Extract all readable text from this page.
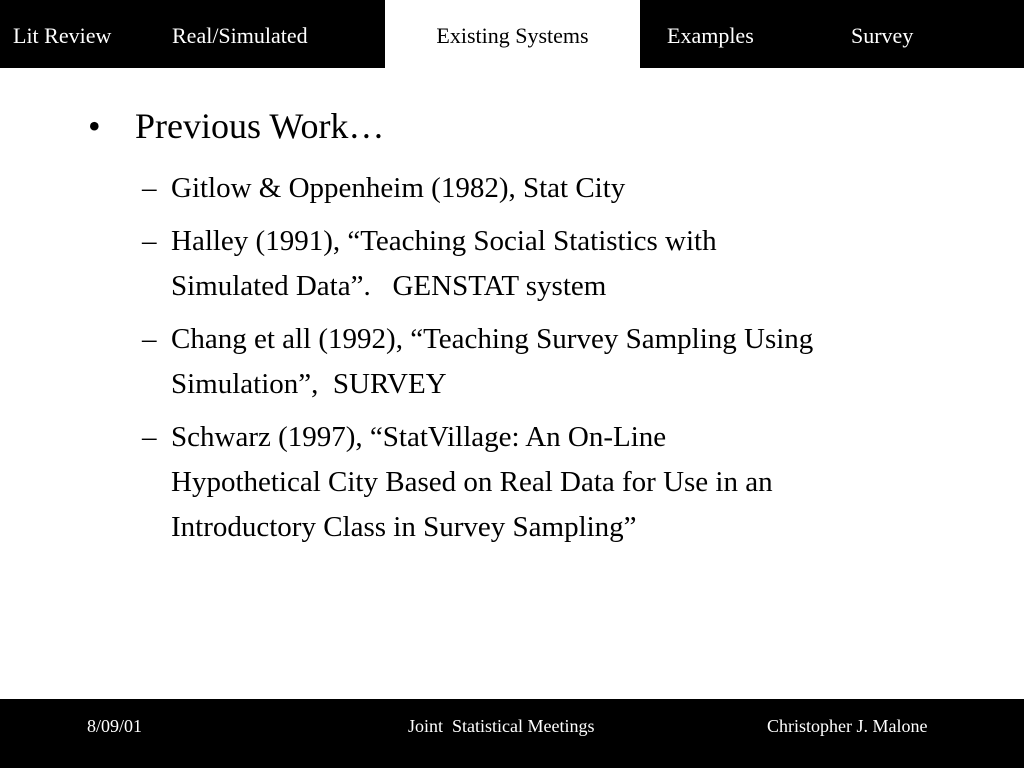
Lit Review	Real/Simulated	Existing Systems	Examples	Survey
• Previous Work…
– Gitlow & Oppenheim (1982), Stat City
– Halley (1991), “Teaching Social Statistics with
Simulated Data”.   GENSTAT system
– Chang et all (1992), “Teaching Survey Sampling Using
Simulation”,  SURVEY
– Schwarz (1997), “StatVillage: An On-Line
Hypothetical City Based on Real Data for Use in an
Introductory Class in Survey Sampling”
8/09/01	Joint  Statistical Meetings	Christopher J. Malone
